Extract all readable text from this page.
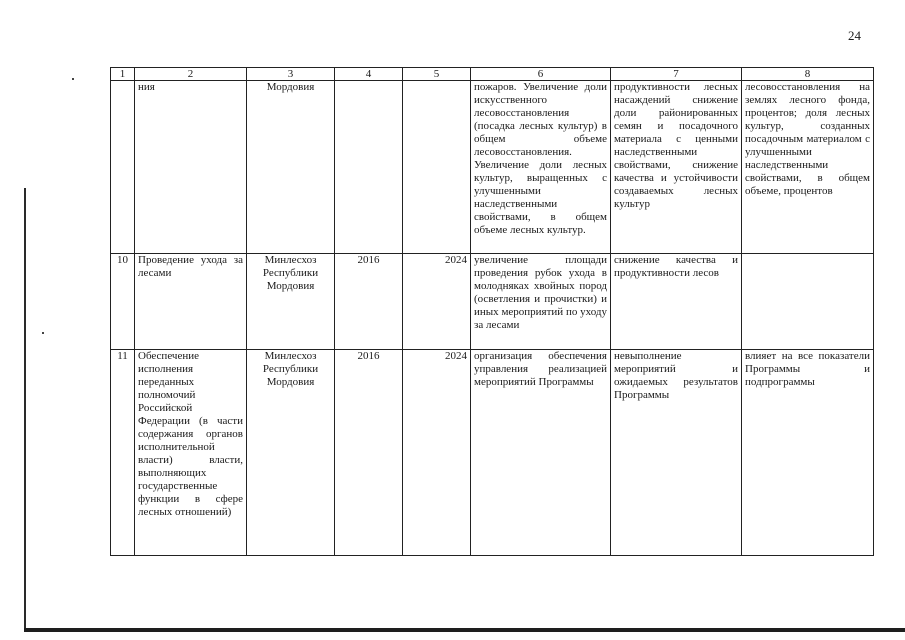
24
1	2	3	4	5	6	7	8
	ния	Мордовия			пожаров. Увеличение доли искусственного лесовосстановления (посадка лесных культур) в общем объеме лесовосстановления. Увеличение доли лесных культур, выращенных с улучшенными наследственными свойствами, в общем объеме лесных культур.	продуктивности лесных насаждений снижение доли районированных семян и посадочного материала с ценными наследственными свойствами, снижение качества и устойчивости создаваемых лесных культур	лесовосстановления на землях лесного фонда, процентов; доля лесных культур, созданных посадочным материалом с улучшенными наследственными свойствами, в общем объеме, процентов
10	Проведение ухода за лесами	Минлесхоз Республики Мордовия	2016	2024	увеличение площади проведения рубок ухода в молодняках хвойных пород (осветления и прочистки) и иных мероприятий по уходу за лесами	снижение качества и продуктивности лесов	
11	Обеспечение исполнения переданных полномочий Российской Федерации (в части содержания органов исполнительной власти) власти, выполняющих государственные функции в сфере лесных отношений)	Минлесхоз Республики Мордовия	2016	2024	организация обеспечения управления реализацией мероприятий Программы	невыполнение мероприятий и ожидаемых результатов Программы	влияет на все показатели Программы и подпрограммы
